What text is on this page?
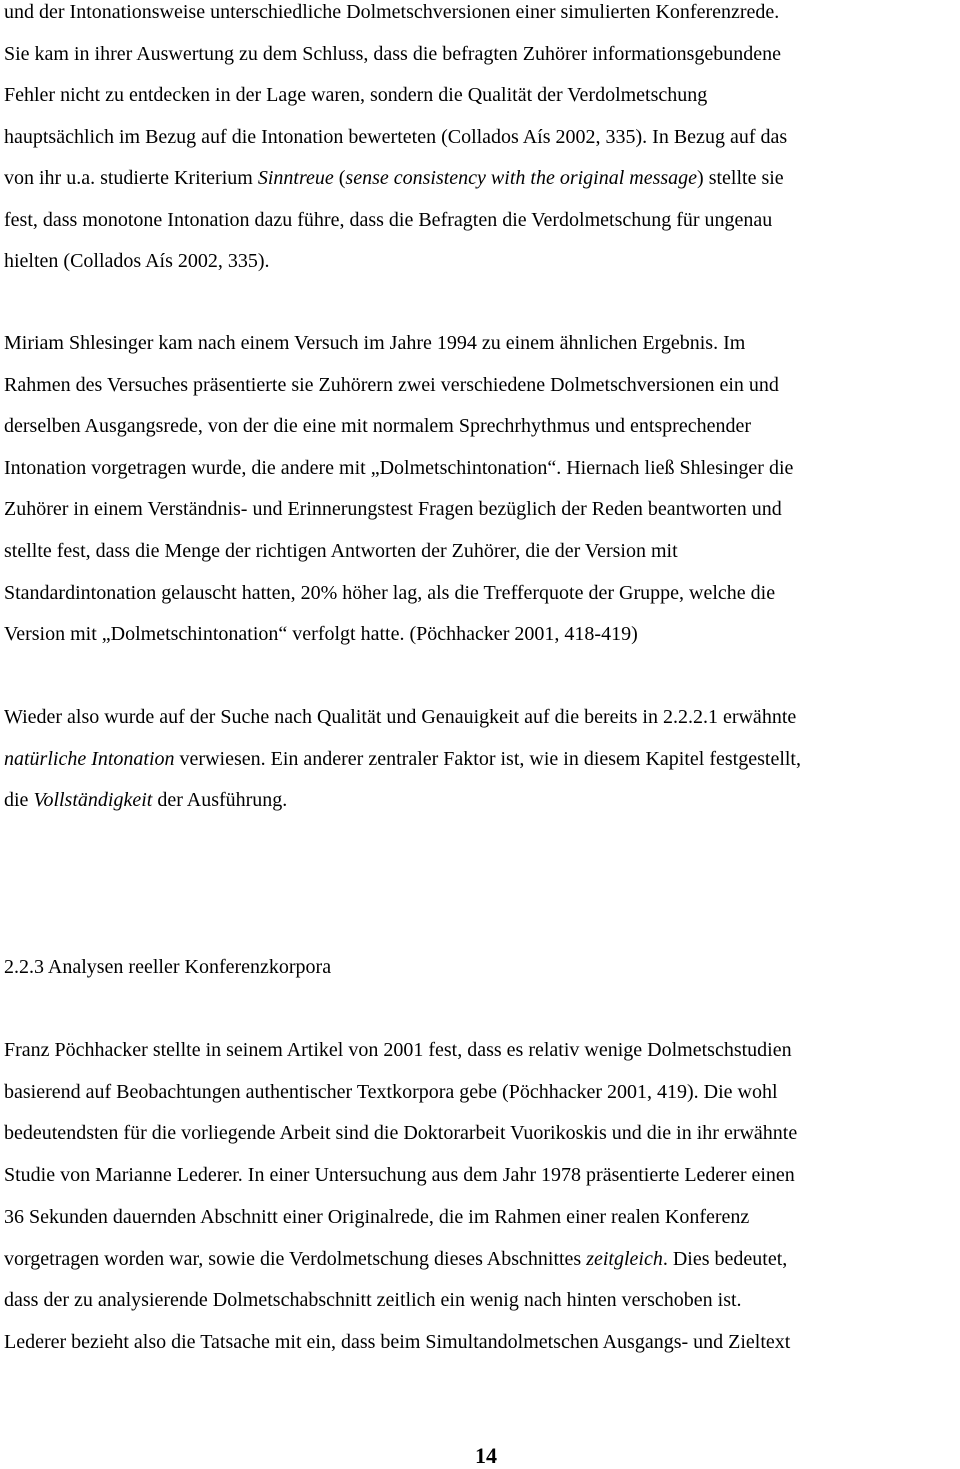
und der Intonationsweise unterschiedliche Dolmetschversionen einer simulierten Konferenzrede.
Sie kam in ihrer Auswertung zu dem Schluss, dass die befragten Zuhörer informationsgebundene
Fehler nicht zu entdecken in der Lage waren, sondern die Qualität der Verdolmetschung
hauptsächlich im Bezug auf die Intonation bewerteten (Collados Aís 2002, 335). In Bezug auf das
von ihr u.a. studierte Kriterium Sinntreue (sense consistency with the original message) stellte sie
fest, dass monotone Intonation dazu führe, dass die Befragten die Verdolmetschung für ungenau
hielten (Collados Aís 2002, 335).
Miriam Shlesinger kam nach einem Versuch im Jahre 1994 zu einem ähnlichen Ergebnis. Im
Rahmen des Versuches präsentierte sie Zuhörern zwei verschiedene Dolmetschversionen ein und
derselben Ausgangsrede, von der die eine mit normalem Sprechrhythmus und entsprechender
Intonation vorgetragen wurde, die andere mit „Dolmetschintonation“. Hiernach ließ Shlesinger die
Zuhörer in einem Verständnis- und Erinnerungstest Fragen bezüglich der Reden beantworten und
stellte fest, dass die Menge der richtigen Antworten der Zuhörer, die der Version mit
Standardintonation gelauscht hatten, 20% höher lag, als die Trefferquote der Gruppe, welche die
Version mit „Dolmetschintonation“ verfolgt hatte. (Pöchhacker 2001, 418-419)
Wieder also wurde auf der Suche nach Qualität und Genauigkeit auf die bereits in 2.2.2.1 erwähnte
natürliche Intonation verwiesen. Ein anderer zentraler Faktor ist, wie in diesem Kapitel festgestellt,
die Vollständigkeit der Ausführung.
2.2.3 Analysen reeller Konferenzkorpora
Franz Pöchhacker stellte in seinem Artikel von 2001 fest, dass es relativ wenige Dolmetschstudien
basierend auf Beobachtungen authentischer Textkorpora gebe (Pöchhacker 2001, 419). Die wohl
bedeutendsten für die vorliegende Arbeit sind die Doktorarbeit Vuorikoskis und die in ihr erwähnte
Studie von Marianne Lederer. In einer Untersuchung aus dem Jahr 1978 präsentierte Lederer einen
36 Sekunden dauernden Abschnitt einer Originalrede, die im Rahmen einer realen Konferenz
vorgetragen worden war, sowie die Verdolmetschung dieses Abschnittes zeitgleich. Dies bedeutet,
dass der zu analysierende Dolmetschabschnitt zeitlich ein wenig nach hinten verschoben ist.
Lederer bezieht also die Tatsache mit ein, dass beim Simultandolmetschen Ausgangs- und Zieltext
14
